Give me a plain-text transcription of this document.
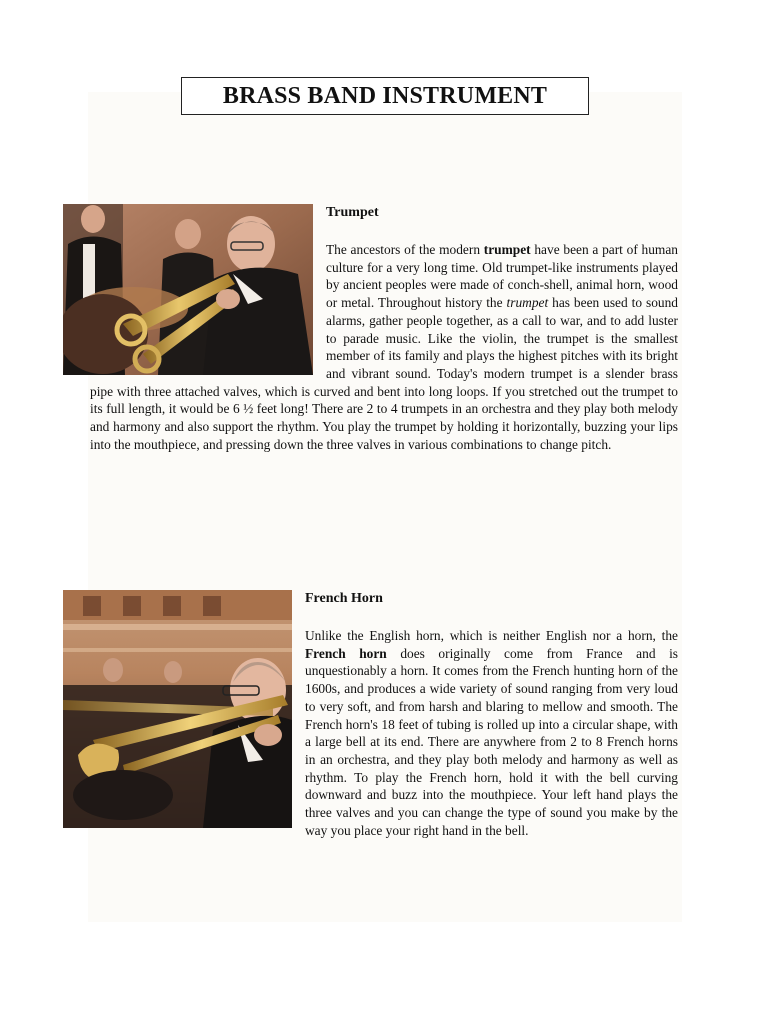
BRASS BAND INSTRUMENT
Trumpet

The ancestors of the modern trumpet have been a part of human culture for a very long time. Old trumpet-like instruments played by ancient peoples were made of conch-shell, animal horn, wood or metal. Throughout history the trumpet has been used to sound alarms, gather people together, as a call to war, and to add luster to parade music. Like the violin, the trumpet is the smallest member of its family and plays the highest pitches with its bright and vibrant sound. Today's modern trumpet is a slender brass pipe with three attached valves, which is curved and bent into long loops. If you stretched out the trumpet to its full length, it would be 6 ½ feet long! There are 2 to 4 trumpets in an orchestra and they play both melody and harmony and also support the rhythm. You play the trumpet by holding it horizontally, buzzing your lips into the mouthpiece, and pressing down the three valves in various combinations to change pitch.

French Horn

Unlike the English horn, which is neither English nor a horn, the French horn does originally come from France and is unquestionably a horn. It comes from the French hunting horn of the 1600s, and produces a wide variety of sound ranging from very loud to very soft, and from harsh and blaring to mellow and smooth. The French horn's 18 feet of tubing is rolled up into a circular shape, with a large bell at its end. There are anywhere from 2 to 8 French horns in an orchestra, and they play both melody and harmony as well as rhythm. To play the French horn, hold it with the bell curving downward and buzz into the mouthpiece. Your left hand plays the three valves and you can change the type of sound you make by the way you place your right hand in the bell.
